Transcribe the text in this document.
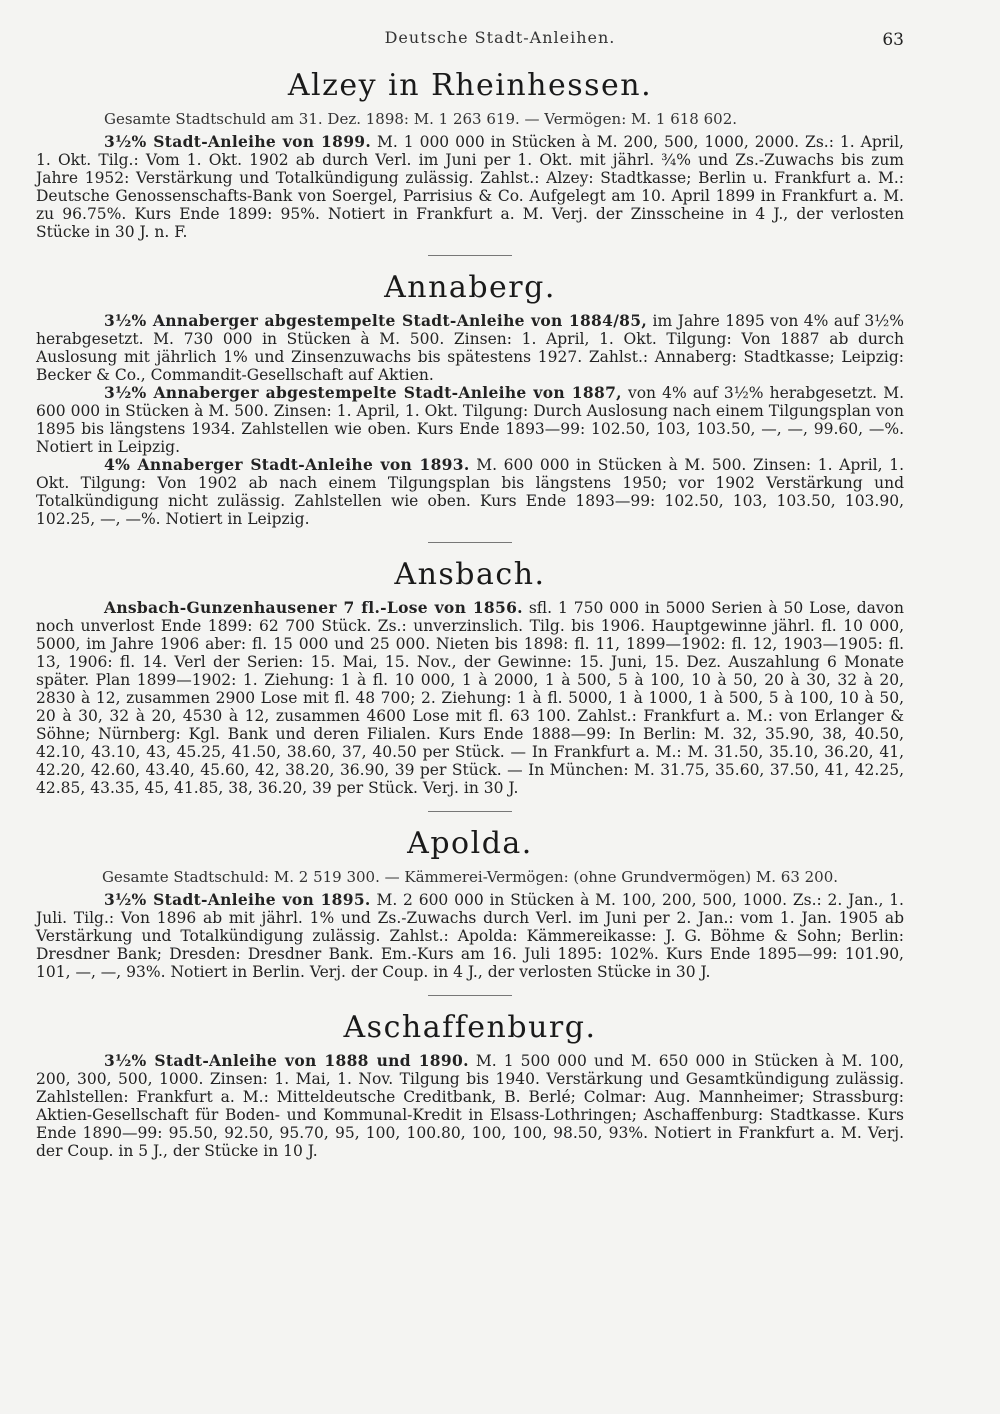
Deutsche Stadt-Anleihen.	63
Alzey in Rheinhessen.

Gesamte Stadtschuld am 31. Dez. 1898: M. 1 263 619. — Vermögen: M. 1 618 602.

3½% Stadt-Anleihe von 1899. M. 1 000 000 in Stücken à M. 200, 500, 1000, 2000. Zs.: 1. April, 1. Okt. Tilg.: Vom 1. Okt. 1902 ab durch Verl. im Juni per 1. Okt. mit jährl. ¾% und Zs.-Zuwachs bis zum Jahre 1952: Verstärkung und Totalkündigung zulässig. Zahlst.: Alzey: Stadtkasse; Berlin u. Frankfurt a. M.: Deutsche Genossenschafts-Bank von Soergel, Parrisius & Co. Aufgelegt am 10. April 1899 in Frankfurt a. M. zu 96.75%. Kurs Ende 1899: 95%. Notiert in Frankfurt a. M. Verj. der Zinsscheine in 4 J., der verlosten Stücke in 30 J. n. F.

Annaberg.

3½% Annaberger abgestempelte Stadt-Anleihe von 1884/85, im Jahre 1895 von 4% auf 3½% herabgesetzt. M. 730 000 in Stücken à M. 500. Zinsen: 1. April, 1. Okt. Tilgung: Von 1887 ab durch Auslosung mit jährlich 1% und Zinsenzuwachs bis spätestens 1927. Zahlst.: Annaberg: Stadtkasse; Leipzig: Becker & Co., Commandit-Gesellschaft auf Aktien.

3½% Annaberger abgestempelte Stadt-Anleihe von 1887, von 4% auf 3½% herabgesetzt. M. 600 000 in Stücken à M. 500. Zinsen: 1. April, 1. Okt. Tilgung: Durch Auslosung nach einem Tilgungsplan von 1895 bis längstens 1934. Zahlstellen wie oben. Kurs Ende 1893—99: 102.50, 103, 103.50, —, —, 99.60, —%. Notiert in Leipzig.

4% Annaberger Stadt-Anleihe von 1893. M. 600 000 in Stücken à M. 500. Zinsen: 1. April, 1. Okt. Tilgung: Von 1902 ab nach einem Tilgungsplan bis längstens 1950; vor 1902 Verstärkung und Totalkündigung nicht zulässig. Zahlstellen wie oben. Kurs Ende 1893—99: 102.50, 103, 103.50, 103.90, 102.25, —, —%. Notiert in Leipzig.

Ansbach.

Ansbach-Gunzenhausener 7 fl.-Lose von 1856. sfl. 1 750 000 in 5000 Serien à 50 Lose, davon noch unverlost Ende 1899: 62 700 Stück. Zs.: unverzinslich. Tilg. bis 1906. Hauptgewinne jährl. fl. 10 000, 5000, im Jahre 1906 aber: fl. 15 000 und 25 000. Nieten bis 1898: fl. 11, 1899—1902: fl. 12, 1903—1905: fl. 13, 1906: fl. 14. Verl der Serien: 15. Mai, 15. Nov., der Gewinne: 15. Juni, 15. Dez. Auszahlung 6 Monate später. Plan 1899—1902: 1. Ziehung: 1 à fl. 10 000, 1 à 2000, 1 à 500, 5 à 100, 10 à 50, 20 à 30, 32 à 20, 2830 à 12, zusammen 2900 Lose mit fl. 48 700; 2. Ziehung: 1 à fl. 5000, 1 à 1000, 1 à 500, 5 à 100, 10 à 50, 20 à 30, 32 à 20, 4530 à 12, zusammen 4600 Lose mit fl. 63 100. Zahlst.: Frankfurt a. M.: von Erlanger & Söhne; Nürnberg: Kgl. Bank und deren Filialen. Kurs Ende 1888—99: In Berlin: M. 32, 35.90, 38, 40.50, 42.10, 43.10, 43, 45.25, 41.50, 38.60, 37, 40.50 per Stück. — In Frankfurt a. M.: M. 31.50, 35.10, 36.20, 41, 42.20, 42.60, 43.40, 45.60, 42, 38.20, 36.90, 39 per Stück. — In München: M. 31.75, 35.60, 37.50, 41, 42.25, 42.85, 43.35, 45, 41.85, 38, 36.20, 39 per Stück. Verj. in 30 J.

Apolda.

Gesamte Stadtschuld: M. 2 519 300. — Kämmerei-Vermögen: (ohne Grundvermögen) M. 63 200.

3½% Stadt-Anleihe von 1895. M. 2 600 000 in Stücken à M. 100, 200, 500, 1000. Zs.: 2. Jan., 1. Juli. Tilg.: Von 1896 ab mit jährl. 1% und Zs.-Zuwachs durch Verl. im Juni per 2. Jan.: vom 1. Jan. 1905 ab Verstärkung und Totalkündigung zulässig. Zahlst.: Apolda: Kämmereikasse: J. G. Böhme & Sohn; Berlin: Dresdner Bank; Dresden: Dresdner Bank. Em.-Kurs am 16. Juli 1895: 102%. Kurs Ende 1895—99: 101.90, 101, —, —, 93%. Notiert in Berlin. Verj. der Coup. in 4 J., der verlosten Stücke in 30 J.

Aschaffenburg.

3½% Stadt-Anleihe von 1888 und 1890. M. 1 500 000 und M. 650 000 in Stücken à M. 100, 200, 300, 500, 1000. Zinsen: 1. Mai, 1. Nov. Tilgung bis 1940. Verstärkung und Gesamtkündigung zulässig. Zahlstellen: Frankfurt a. M.: Mitteldeutsche Creditbank, B. Berlé; Colmar: Aug. Mannheimer; Strassburg: Aktien-Gesellschaft für Boden- und Kommunal-Kredit in Elsass-Lothringen; Aschaffenburg: Stadtkasse. Kurs Ende 1890—99: 95.50, 92.50, 95.70, 95, 100, 100.80, 100, 100, 98.50, 93%. Notiert in Frankfurt a. M. Verj. der Coup. in 5 J., der Stücke in 10 J.
